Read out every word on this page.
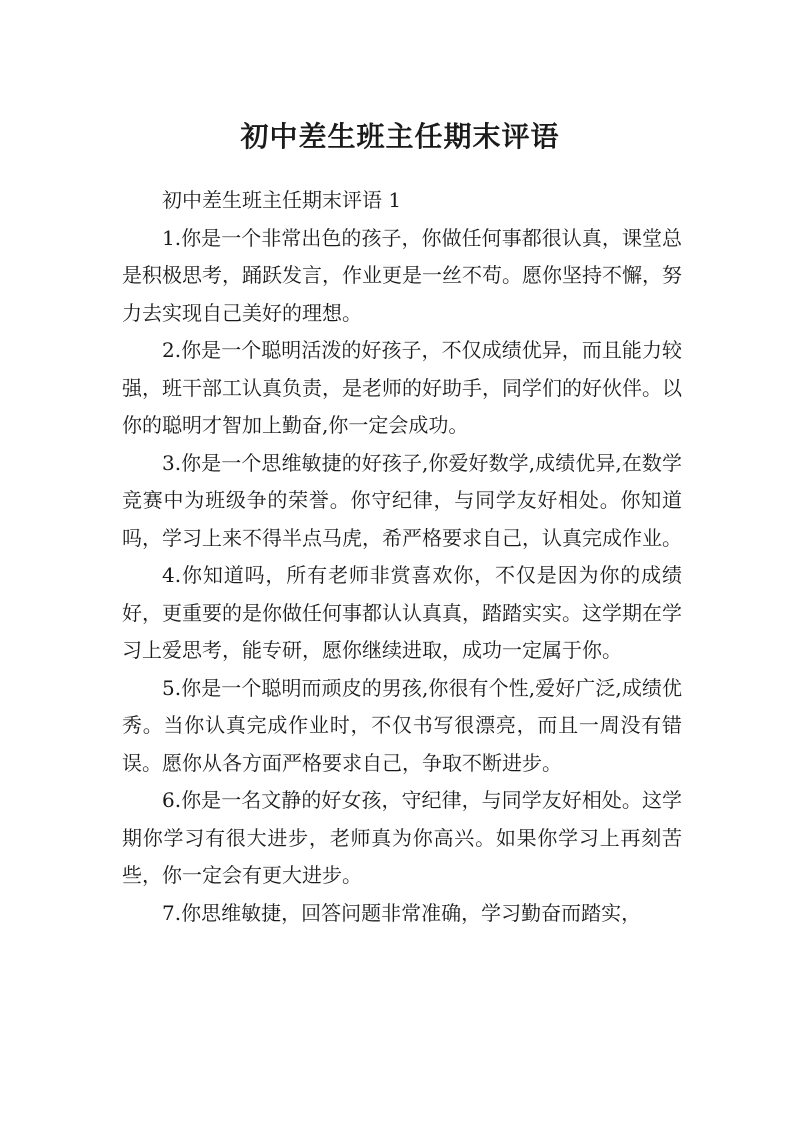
初中差生班主任期末评语

初中差生班主任期末评语 1

1.你是一个非常出色的孩子，你做任何事都很认真，课堂总是积极思考，踊跃发言，作业更是一丝不苟。愿你坚持不懈，努力去实现自己美好的理想。

2.你是一个聪明活泼的好孩子，不仅成绩优异，而且能力较强，班干部工认真负责，是老师的好助手，同学们的好伙伴。以你的聪明才智加上勤奋,你一定会成功。

3.你是一个思维敏捷的好孩子,你爱好数学,成绩优异,在数学竞赛中为班级争的荣誉。你守纪律，与同学友好相处。你知道吗，学习上来不得半点马虎，希严格要求自己，认真完成作业。

4.你知道吗，所有老师非赏喜欢你，不仅是因为你的成绩好，更重要的是你做任何事都认认真真，踏踏实实。这学期在学习上爱思考，能专研，愿你继续进取，成功一定属于你。

5.你是一个聪明而顽皮的男孩,你很有个性,爱好广泛,成绩优秀。当你认真完成作业时，不仅书写很漂亮，而且一周没有错误。愿你从各方面严格要求自己，争取不断进步。

6.你是一名文静的好女孩，守纪律，与同学友好相处。这学期你学习有很大进步，老师真为你高兴。如果你学习上再刻苦些，你一定会有更大进步。

7.你思维敏捷，回答问题非常准确，学习勤奋而踏实，
